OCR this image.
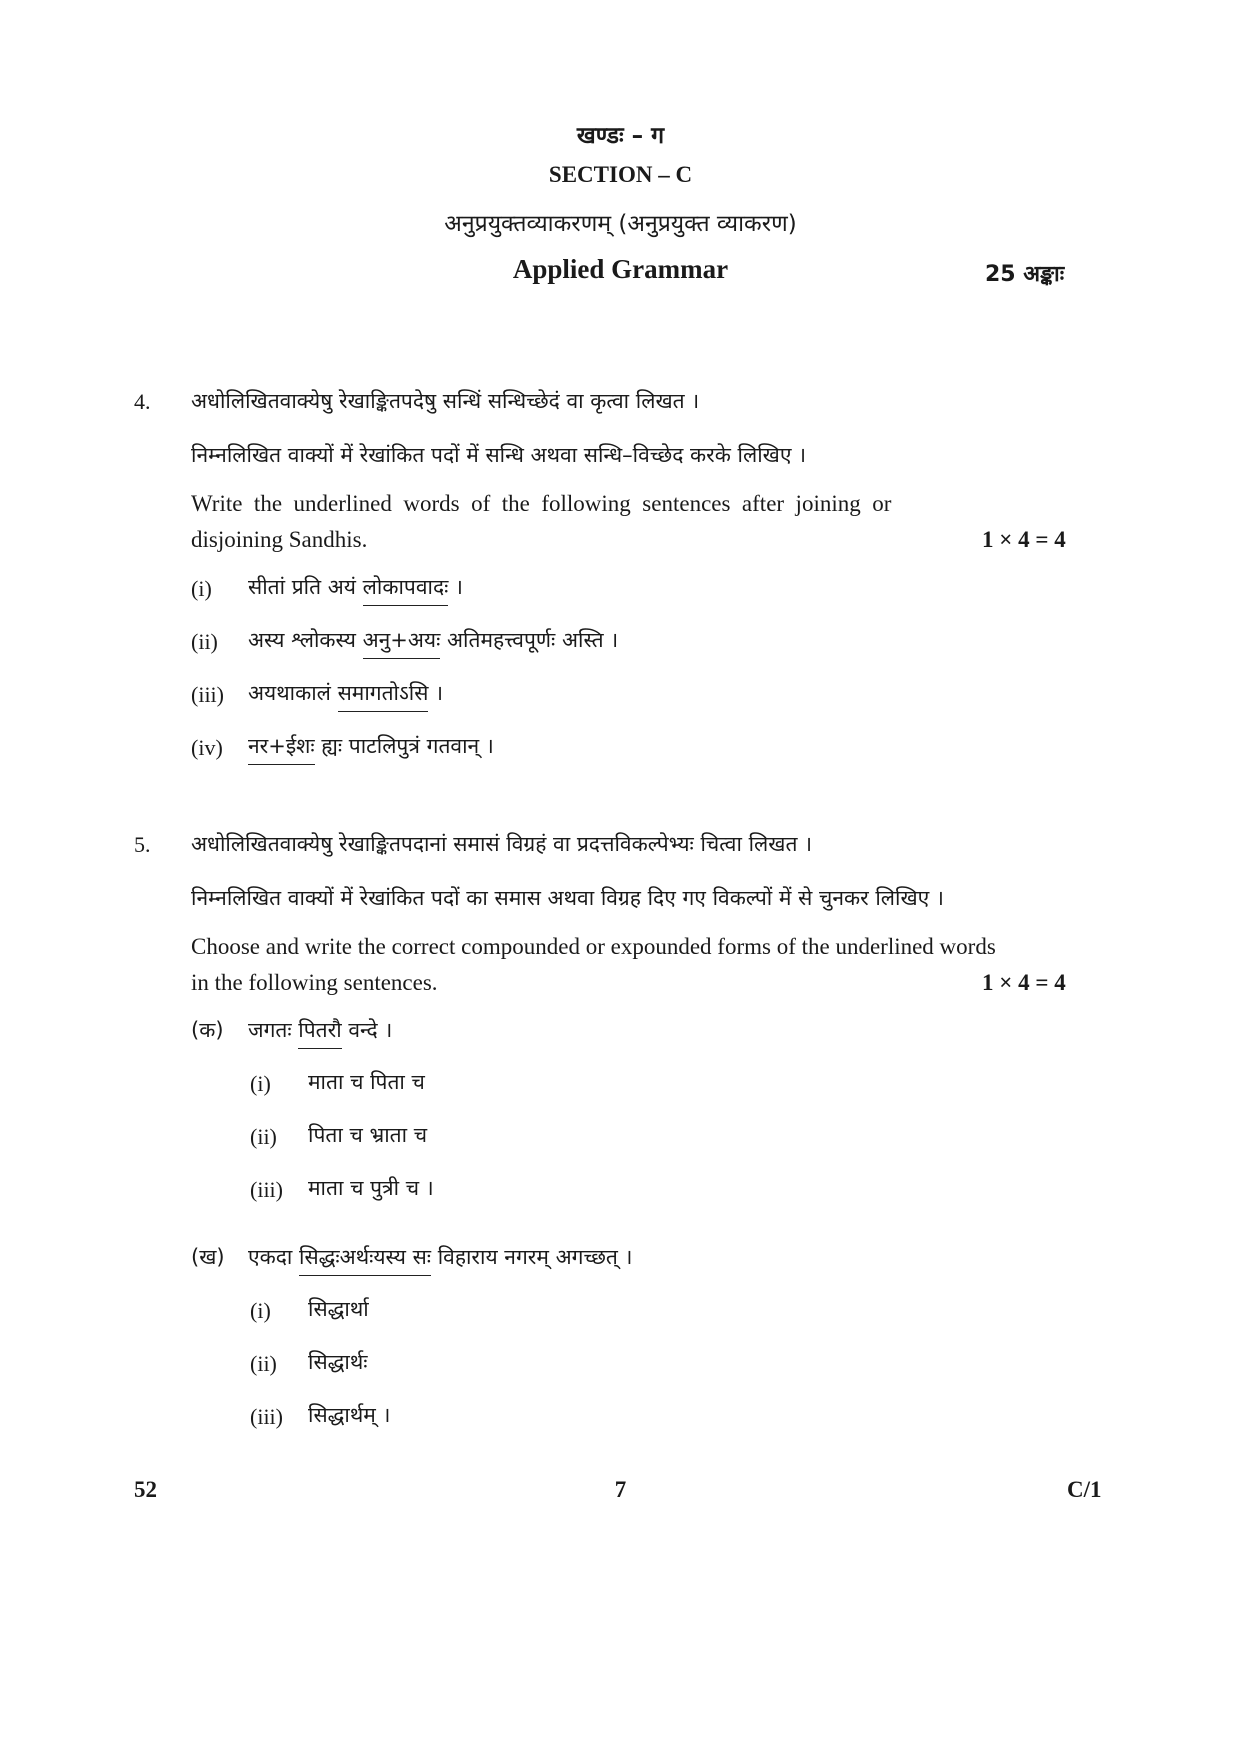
खण्डः – ग
SECTION – C
अनुप्रयुक्तव्याकरणम् (अनुप्रयुक्त व्याकरण)
Applied Grammar	25 अङ्काः
4. अधोलिखितवाक्येषु रेखाङ्कितपदेषु सन्धिं सन्धिच्छेदं वा कृत्वा लिखत ।
निम्नलिखित वाक्यों में रेखांकित पदों में सन्धि अथवा सन्धि–विच्छेद करके लिखिए ।
Write  the  underlined  words  of  the  following  sentences  after  joining  or
disjoining Sandhis.	1 × 4 = 4
(i) सीतां प्रति अयं लोकापवादः ।
(ii) अस्य श्लोकस्य अनु+अयः अतिमहत्त्वपूर्णः अस्ति ।
(iii) अयथाकालं समागतोऽसि ।
(iv) नर+ईशः ह्यः पाटलिपुत्रं गतवान् ।
5. अधोलिखितवाक्येषु रेखाङ्कितपदानां समासं विग्रहं वा प्रदत्तविकल्पेभ्यः चित्वा लिखत ।
निम्नलिखित वाक्यों में रेखांकित पदों का समास अथवा विग्रह दिए गए विकल्पों में से चुनकर लिखिए ।
Choose and write the correct compounded or expounded forms of the underlined words
in the following sentences.	1 × 4 = 4
(क) जगतः पितरौ वन्दे ।
(i) माता च पिता च
(ii) पिता च भ्राता च
(iii) माता च पुत्री च ।
(ख) एकदा सिद्धःअर्थःयस्य सः विहाराय नगरम् अगच्छत् ।
(i) सिद्धार्था
(ii) सिद्धार्थः
(iii) सिद्धार्थम् ।
52	7	C/1
